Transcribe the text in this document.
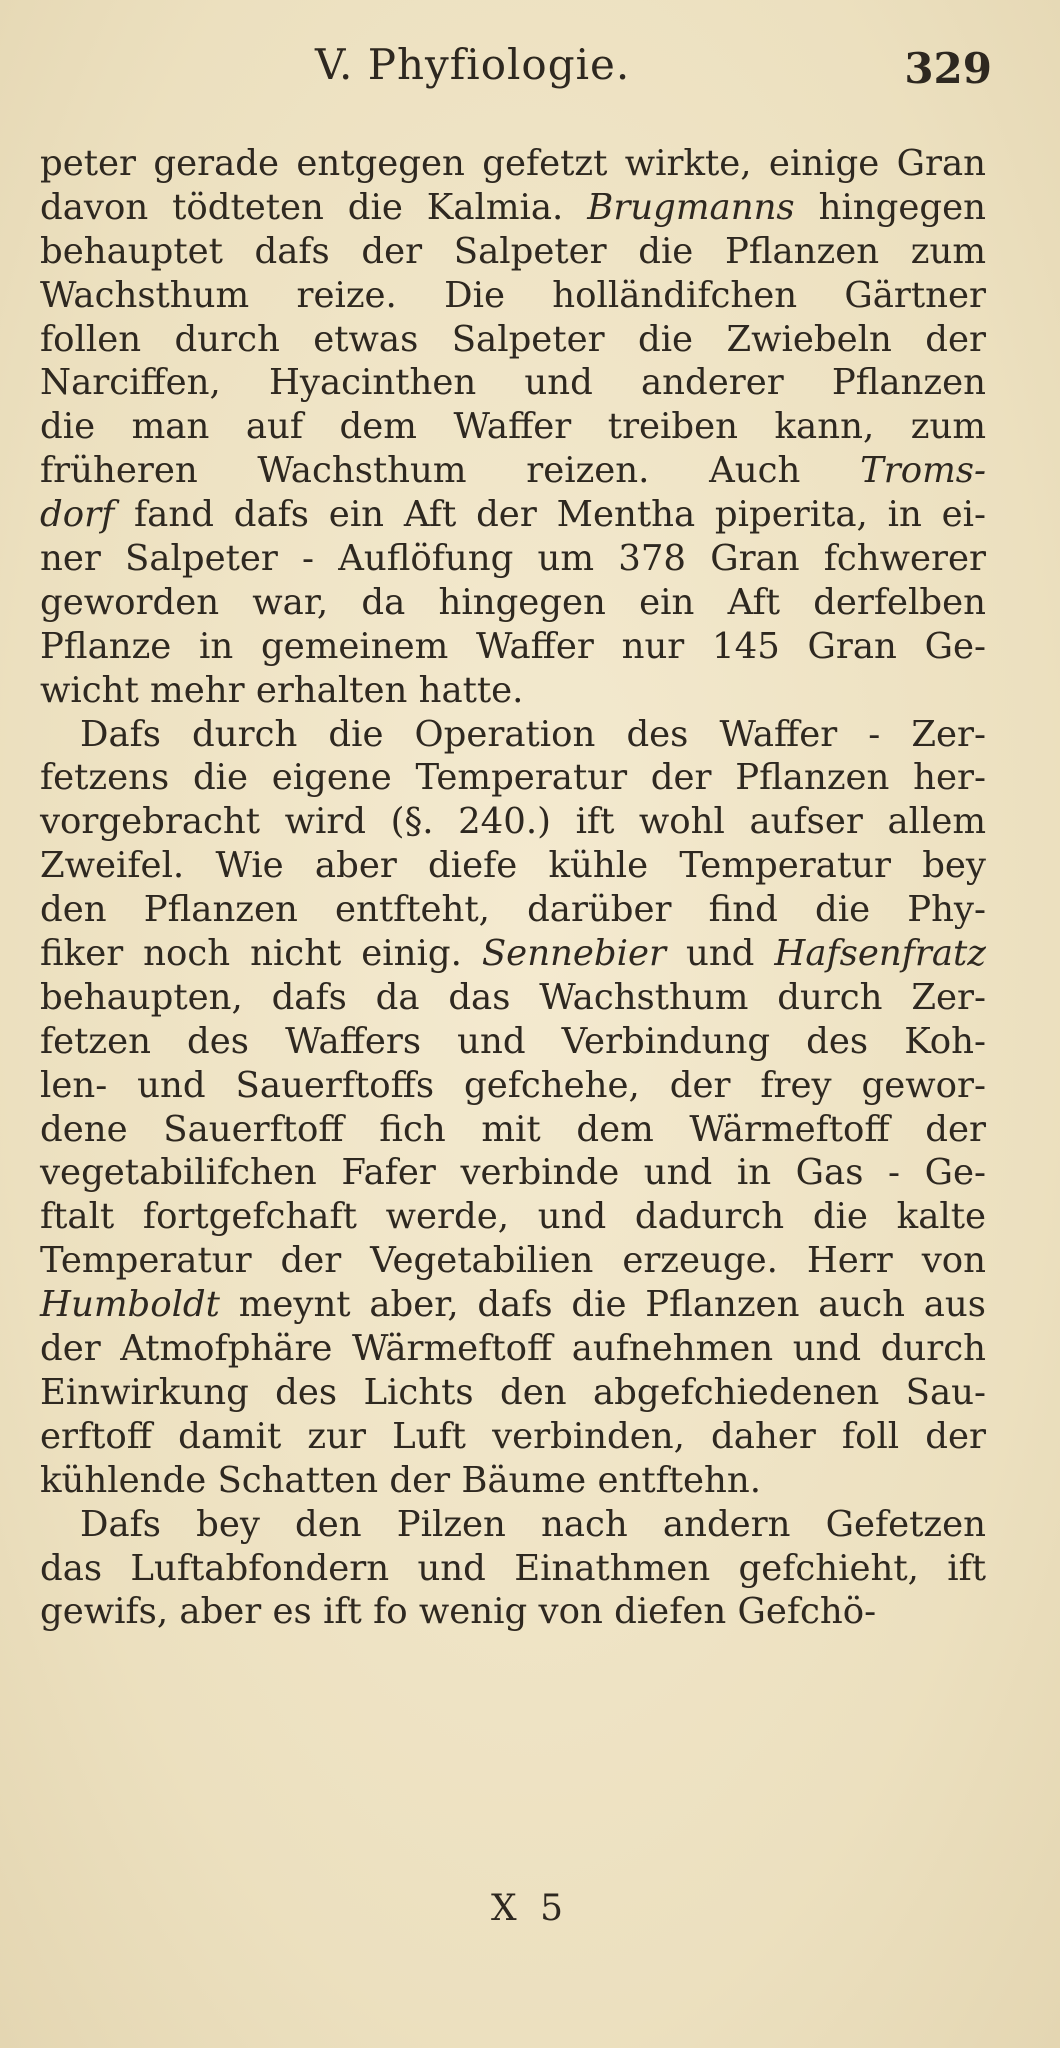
V. Phyfiologie.	329
peter gerade entgegen gefetzt wirkte, einige Gran
davon tödteten die Kalmia. Brugmanns hingegen
behauptet dafs der Salpeter die Pflanzen zum
Wachsthum reize. Die holländifchen Gärtner
follen durch etwas Salpeter die Zwiebeln der
Narciffen, Hyacinthen und anderer Pflanzen
die man auf dem Waffer treiben kann, zum
früheren Wachsthum reizen. Auch Troms-
dorf fand dafs ein Aft der Mentha piperita, in ei-
ner Salpeter - Auflöfung um 378 Gran fchwerer
geworden war, da hingegen ein Aft derfelben
Pflanze in gemeinem Waffer nur 145 Gran Ge-
wicht mehr erhalten hatte.
Dafs durch die Operation des Waffer - Zer-
fetzens die eigene Temperatur der Pflanzen her-
vorgebracht wird (§. 240.) ift wohl aufser allem
Zweifel. Wie aber diefe kühle Temperatur bey
den Pflanzen entfteht, darüber find die Phy-
fiker noch nicht einig. Sennebier und Hafsenfratz
behaupten, dafs da das Wachsthum durch Zer-
fetzen des Waffers und Verbindung des Koh-
len- und Sauerftoffs gefchehe, der frey gewor-
dene Sauerftoff fich mit dem Wärmeftoff der
vegetabilifchen Fafer verbinde und in Gas - Ge-
ftalt fortgefchaft werde, und dadurch die kalte
Temperatur der Vegetabilien erzeuge. Herr von
Humboldt meynt aber, dafs die Pflanzen auch aus
der Atmofphäre Wärmeftoff aufnehmen und durch
Einwirkung des Lichts den abgefchiedenen Sau-
erftoff damit zur Luft verbinden, daher foll der
kühlende Schatten der Bäume entftehn.
Dafs bey den Pilzen nach andern Gefetzen
das Luftabfondern und Einathmen gefchieht, ift
gewifs, aber es ift fo wenig von diefen Gefchö-
X 5
